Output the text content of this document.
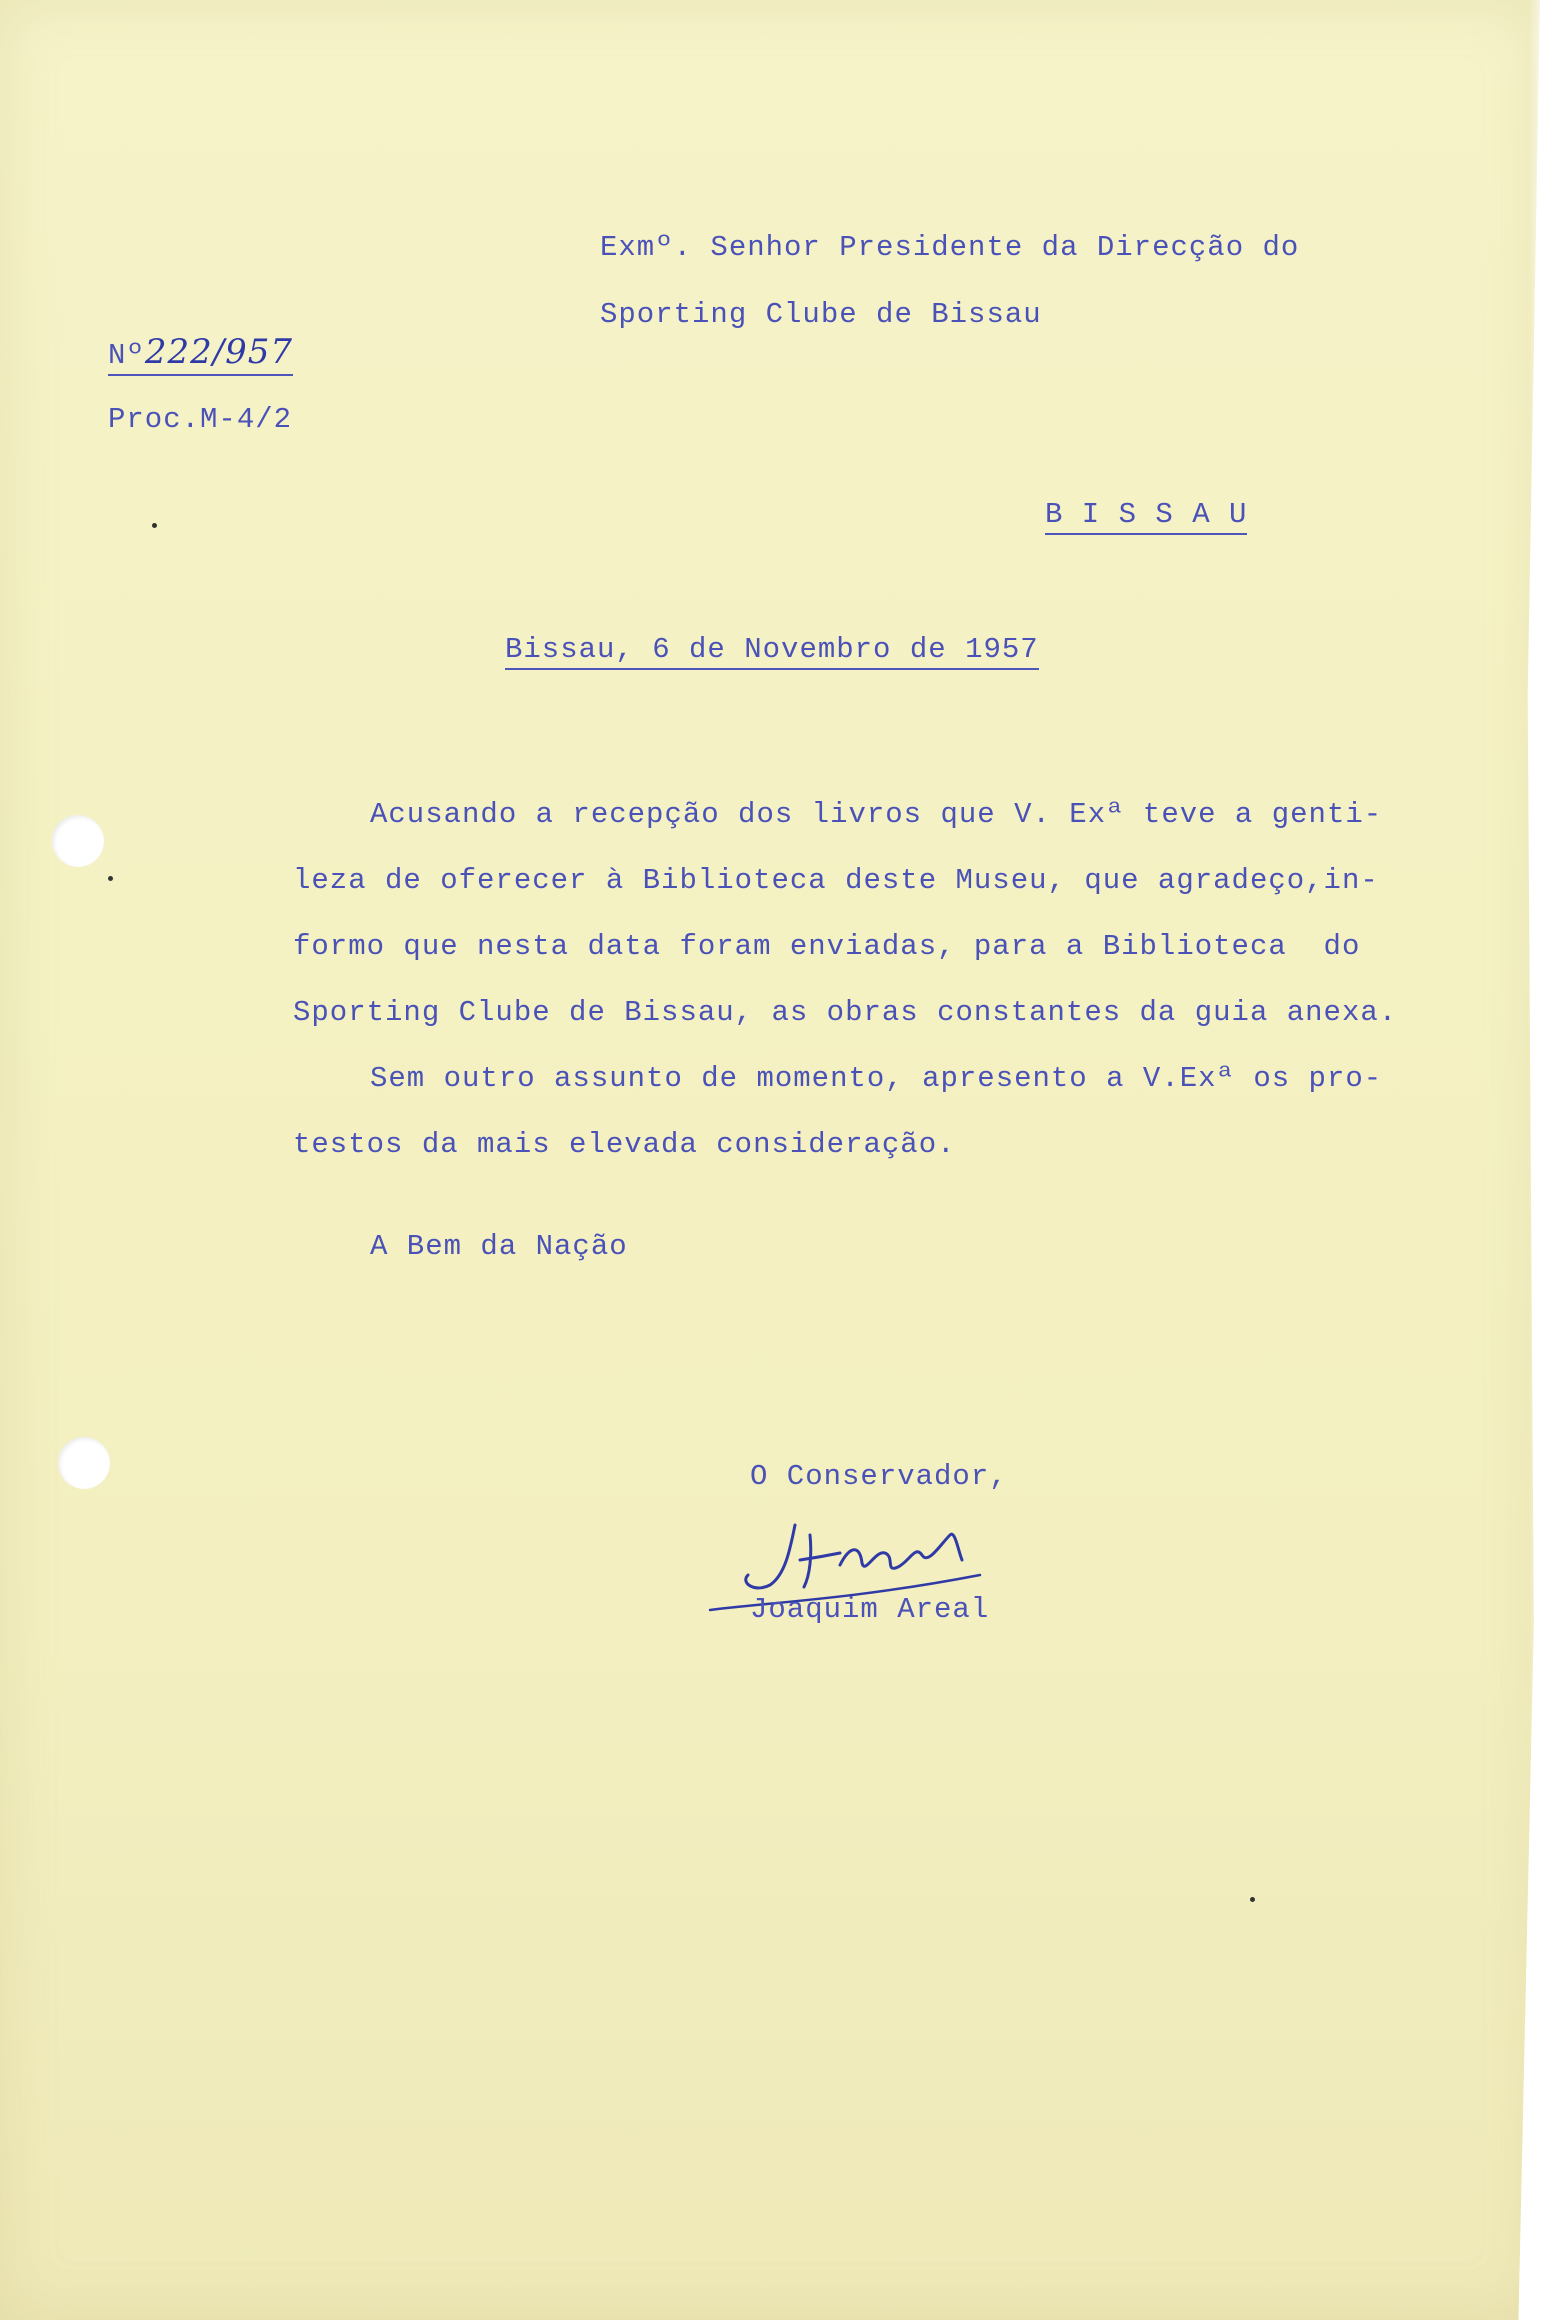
Exmº. Senhor Presidente da Direcção do
Sporting Clube de Bissau
Nº222/957
Proc.M-4/2
B I S S A U
Bissau, 6 de Novembro de 1957
Acusando a recepção dos livros que V. Exª teve a genti-
leza de oferecer à Biblioteca deste Museu, que agradeço,in-
formo que nesta data foram enviadas, para a Biblioteca  do
Sporting Clube de Bissau, as obras constantes da guia anexa.
Sem outro assunto de momento, apresento a V.Exª os pro-
testos da mais elevada consideração.
A Bem da Nação
O Conservador,
Joaquim Areal
